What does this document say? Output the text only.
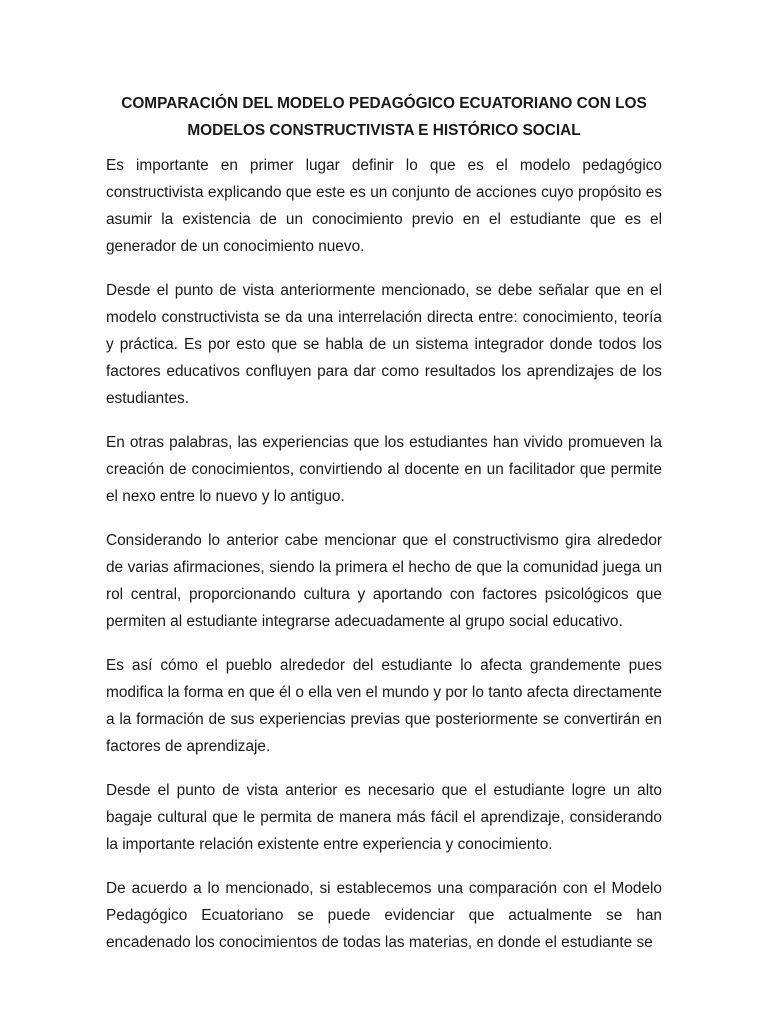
COMPARACIÓN DEL MODELO PEDAGÓGICO ECUATORIANO CON LOS MODELOS CONSTRUCTIVISTA E HISTÓRICO SOCIAL

Es importante en primer lugar definir lo que es el modelo pedagógico constructivista explicando que este es un conjunto de acciones cuyo propósito es asumir la existencia de un conocimiento previo en el estudiante que es el generador de un conocimiento nuevo.

Desde el punto de vista anteriormente mencionado, se debe señalar que en el modelo constructivista se da una interrelación directa entre: conocimiento, teoría y práctica. Es por esto que se habla de un sistema integrador donde todos los factores educativos confluyen para dar como resultados los aprendizajes de los estudiantes.

En otras palabras, las experiencias que los estudiantes han vivido promueven la creación de conocimientos, convirtiendo al docente en un facilitador que permite el nexo entre lo nuevo y lo antiguo.

Considerando lo anterior cabe mencionar que el constructivismo gira alrededor de varias afirmaciones, siendo la primera el hecho de que la comunidad juega un rol central, proporcionando cultura y aportando con factores psicológicos que permiten al estudiante integrarse adecuadamente al grupo social educativo.

Es así cómo el pueblo alrededor del estudiante lo afecta grandemente pues modifica la forma en que él o ella ven el mundo y por lo tanto afecta directamente a la formación de sus experiencias previas que posteriormente se convertirán en factores de aprendizaje.

Desde el punto de vista anterior es necesario que el estudiante logre un alto bagaje cultural que le permita de manera más fácil el aprendizaje, considerando la importante relación existente entre experiencia y conocimiento.

De acuerdo a lo mencionado, si establecemos una comparación con el Modelo Pedagógico Ecuatoriano se puede evidenciar que actualmente se han encadenado los conocimientos de todas las materias, en donde el estudiante se
